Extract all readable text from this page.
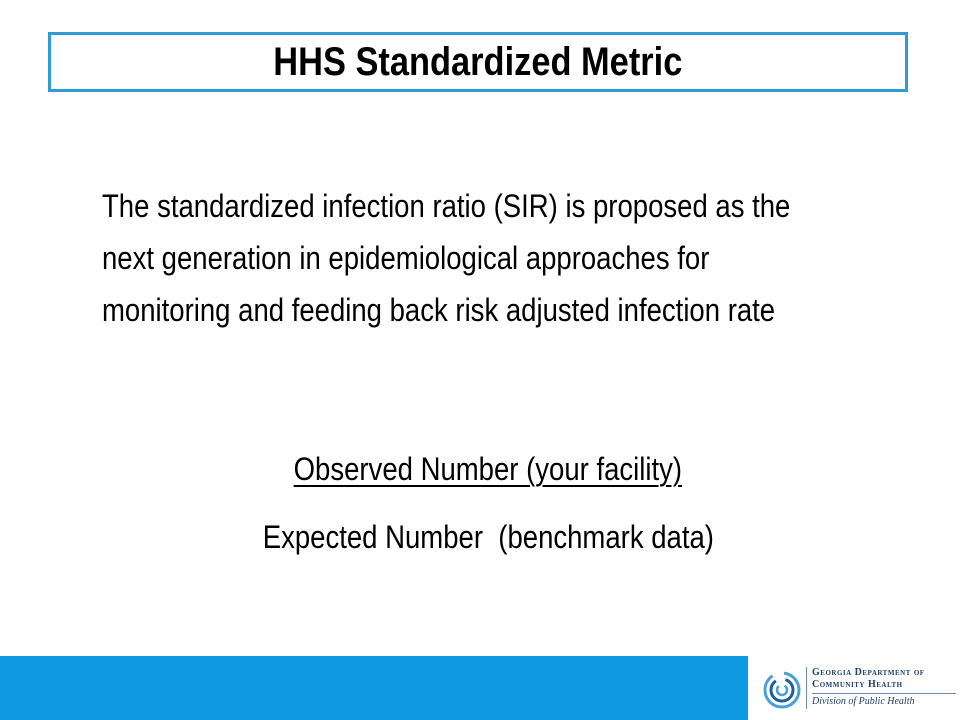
HHS Standardized Metric
The standardized infection ratio (SIR) is proposed as the next generation in epidemiological approaches for monitoring and feeding back risk adjusted infection rate
Observed Number (your facility)
Expected Number  (benchmark data)
Georgia Department of
Community Health
Division of Public Health
